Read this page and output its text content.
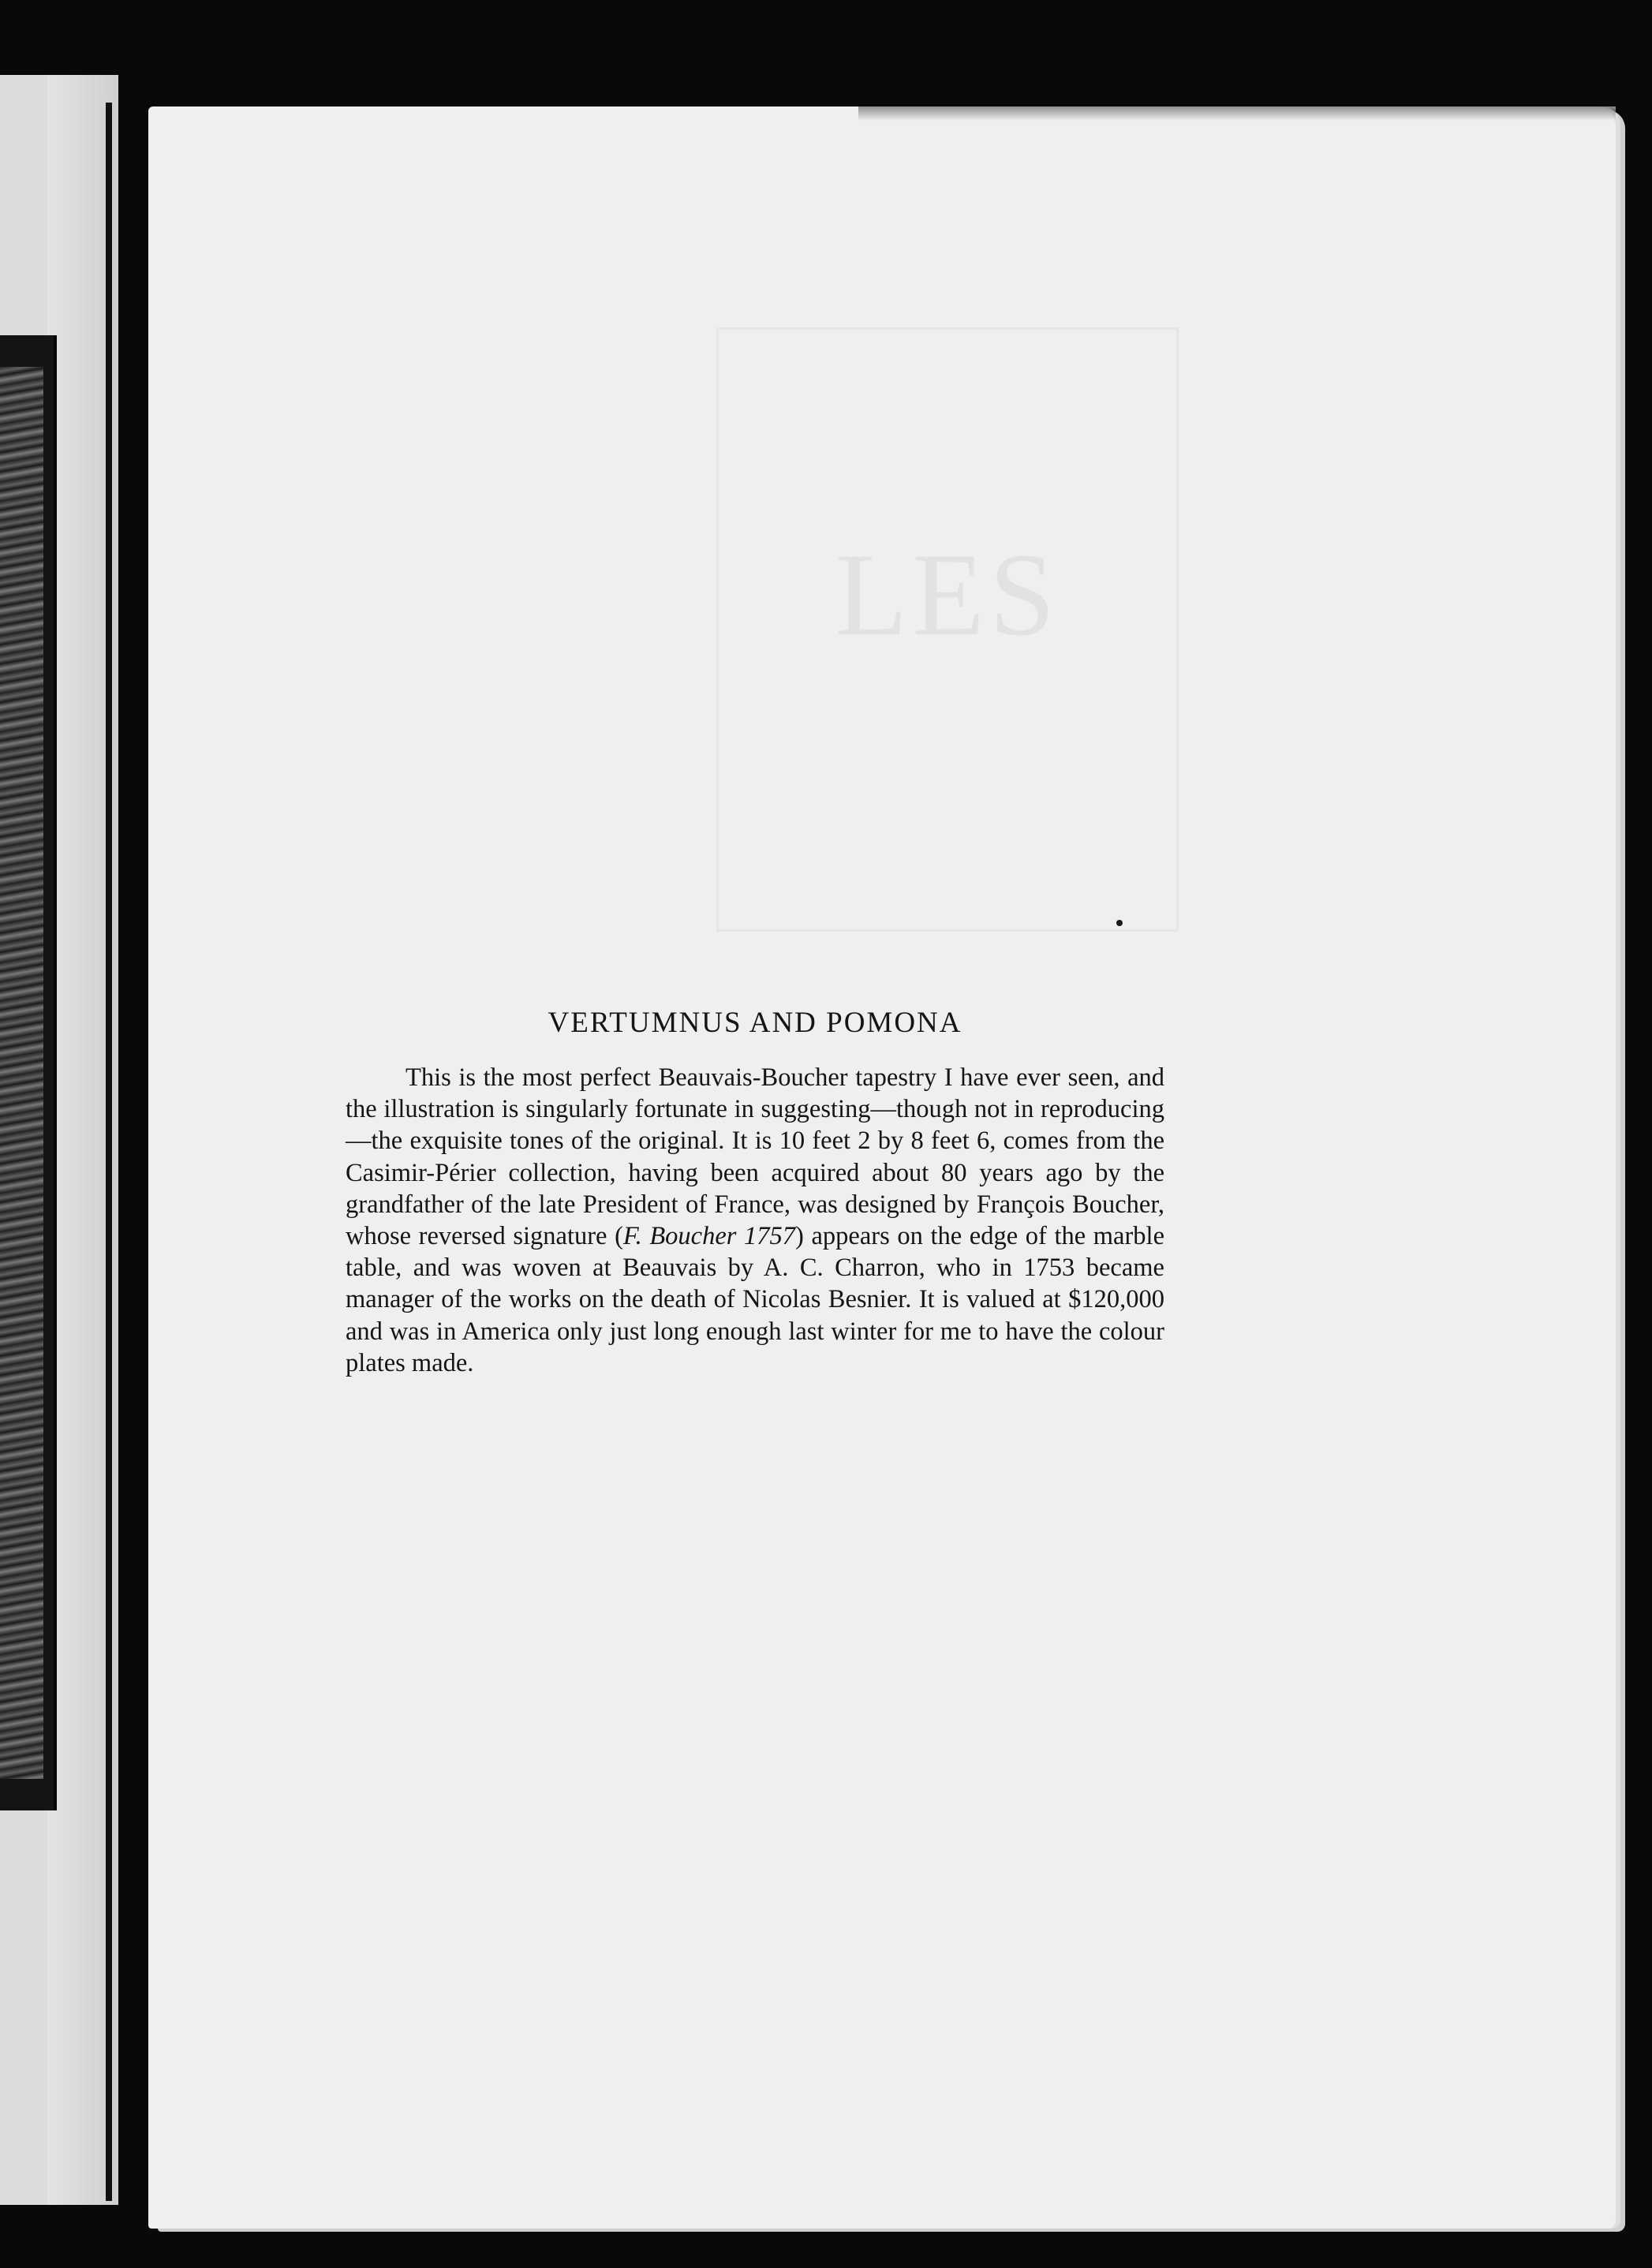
LES
VERTUMNUS AND POMONA

This is the most perfect Beauvais-Boucher tapestry I have ever seen, and the illustration is singularly fortunate in suggesting—though not in reproducing—the exquisite tones of the original. It is 10 feet 2 by 8 feet 6, comes from the Casimir-Périer collection, having been acquired about 80 years ago by the grandfather of the late President of France, was designed by François Boucher, whose reversed signature (F. Boucher 1757) appears on the edge of the marble table, and was woven at Beauvais by A. C. Charron, who in 1753 became manager of the works on the death of Nicolas Besnier. It is valued at $120,000 and was in America only just long enough last winter for me to have the colour plates made.
